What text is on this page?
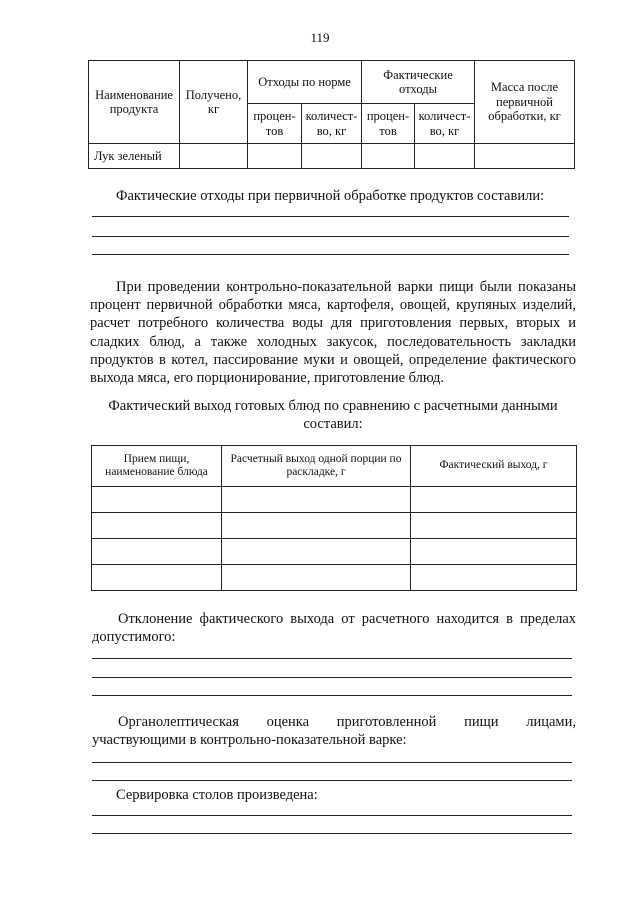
119
Наименование продукта	Получено, кг	Отходы по норме		Фактические отходы		Масса после первичной обработки, кг
		процен- тов	количест- во, кг	процен- тов	количест- во, кг	
Лук зеленый						
Фактические отходы при первичной обработке продуктов составили:
При проведении контрольно-показательной варки пищи были показаны процент первичной обработки мяса, картофеля, овощей, крупяных изделий, расчет потребного количества воды для приготовления первых, вторых и сладких блюд, а также холодных закусок, последовательность закладки продуктов в котел, пассирование муки и овощей, определение фактического выхода мяса, его порционирование, приготовление блюд.
Фактический выход готовых блюд по сравнению с расчетными данными составил:
Прием пищи, наименование блюда	Расчетный выход одной порции по раскладке, г	Фактический выход, г

Отклонение фактического выхода от расчетного находится в пределах допустимого:
Органолептическая оценка приготовленной пищи лицами, участвующими в контрольно-показательной варке:
Сервировка столов произведена:
